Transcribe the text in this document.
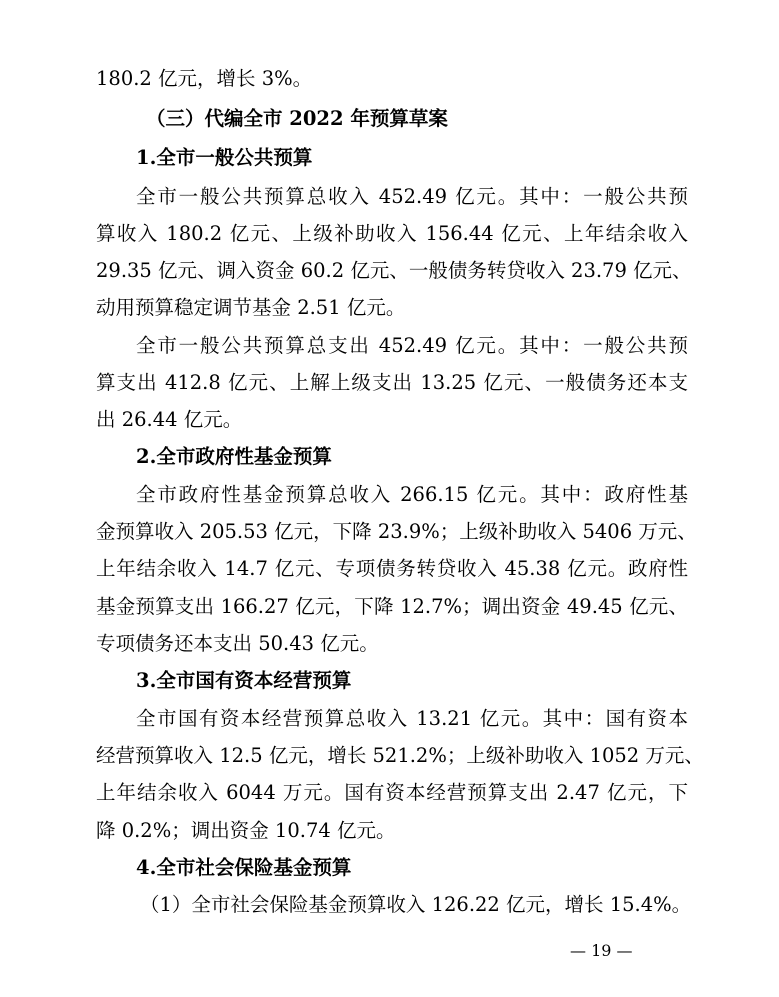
180.2 亿元，增长 3%。
（三）代编全市 2022 年预算草案
1.全市一般公共预算
全市一般公共预算总收入 452.49 亿元。其中：一般公共预
算收入 180.2 亿元、上级补助收入 156.44 亿元、上年结余收入
29.35 亿元、调入资金 60.2 亿元、一般债务转贷收入 23.79 亿元、
动用预算稳定调节基金 2.51 亿元。
全市一般公共预算总支出 452.49 亿元。其中：一般公共预
算支出 412.8 亿元、上解上级支出 13.25 亿元、一般债务还本支
出 26.44 亿元。
2.全市政府性基金预算
全市政府性基金预算总收入 266.15 亿元。其中：政府性基
金预算收入 205.53 亿元，下降 23.9%；上级补助收入 5406 万元、
上年结余收入 14.7 亿元、专项债务转贷收入 45.38 亿元。政府性
基金预算支出 166.27 亿元，下降 12.7%；调出资金 49.45 亿元、
专项债务还本支出 50.43 亿元。
3.全市国有资本经营预算
全市国有资本经营预算总收入 13.21 亿元。其中：国有资本
经营预算收入 12.5 亿元，增长 521.2%；上级补助收入 1052 万元、
上年结余收入 6044 万元。国有资本经营预算支出 2.47 亿元，下
降 0.2%；调出资金 10.74 亿元。
4.全市社会保险基金预算
（1）全市社会保险基金预算收入 126.22 亿元，增长 15.4%。
— 19 —
